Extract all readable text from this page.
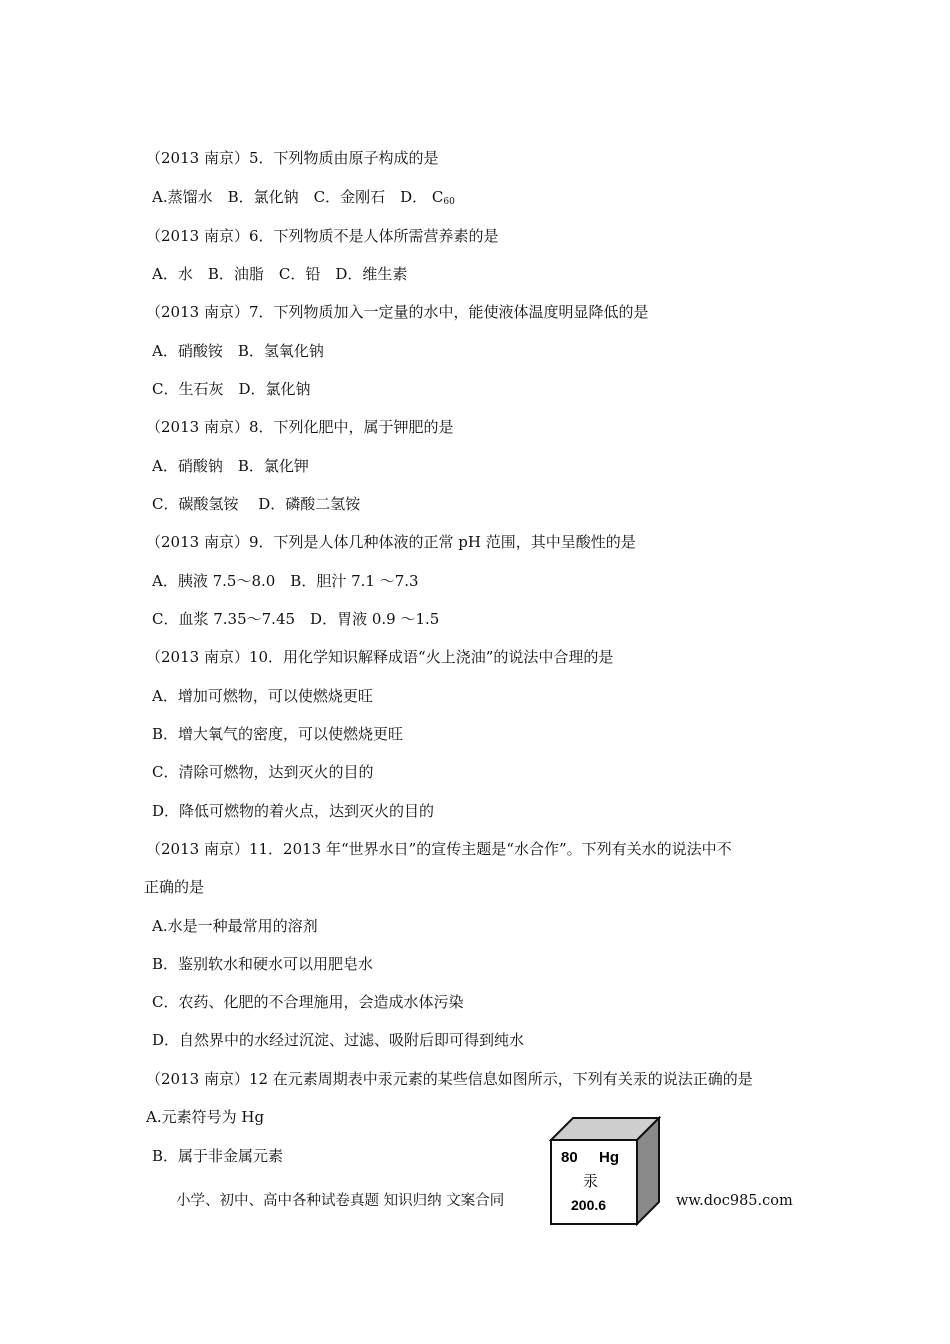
（2013 南京）5．下列物质由原子构成的是
A.蒸馏水　B．氯化钠　C．金刚石　D． $C_{60}$
（2013 南京）6．下列物质不是人体所需营养素的是
A．水　B．油脂　C．铅　D．维生素
（2013 南京）7．下列物质加入一定量的水中，能使液体温度明显降低的是
A．硝酸铵　B．氢氧化钠
C．生石灰　D．氯化钠
（2013 南京）8．下列化肥中，属于钾肥的是
A．硝酸钠　B．氯化钾
C．碳酸氢铵　 D．磷酸二氢铵
（2013 南京）9．下列是人体几种体液的正常 pH 范围，其中呈酸性的是
A．胰液 7.5～8.0　B．胆汁 7.1 ～7.3
C．血浆 7.35～7.45　D．胃液 0.9 ～1.5
（2013 南京）10．用化学知识解释成语“火上浇油”的说法中合理的是
A．增加可燃物，可以使燃烧更旺
B．增大氧气的密度，可以使燃烧更旺
C．清除可燃物，达到灭火的目的
D．降低可燃物的着火点，达到灭火的目的
（2013 南京）11．2013 年“世界水日”的宣传主题是“水合作”。下列有关水的说法中不
正确的是
A.水是一种最常用的溶剂
B．鉴别软水和硬水可以用肥皂水
C．农药、化肥的不合理施用，会造成水体污染
D．自然界中的水经过沉淀、过滤、吸附后即可得到纯水
（2013 南京）12 在元素周期表中汞元素的某些信息如图所示，下列有关汞的说法正确的是
A.元素符号为 Hg
B．属于非金属元素	80 Hg
汞
200.6
小学、初中、高中各种试卷真题 知识归纳 文案合同	ww.doc985.com
